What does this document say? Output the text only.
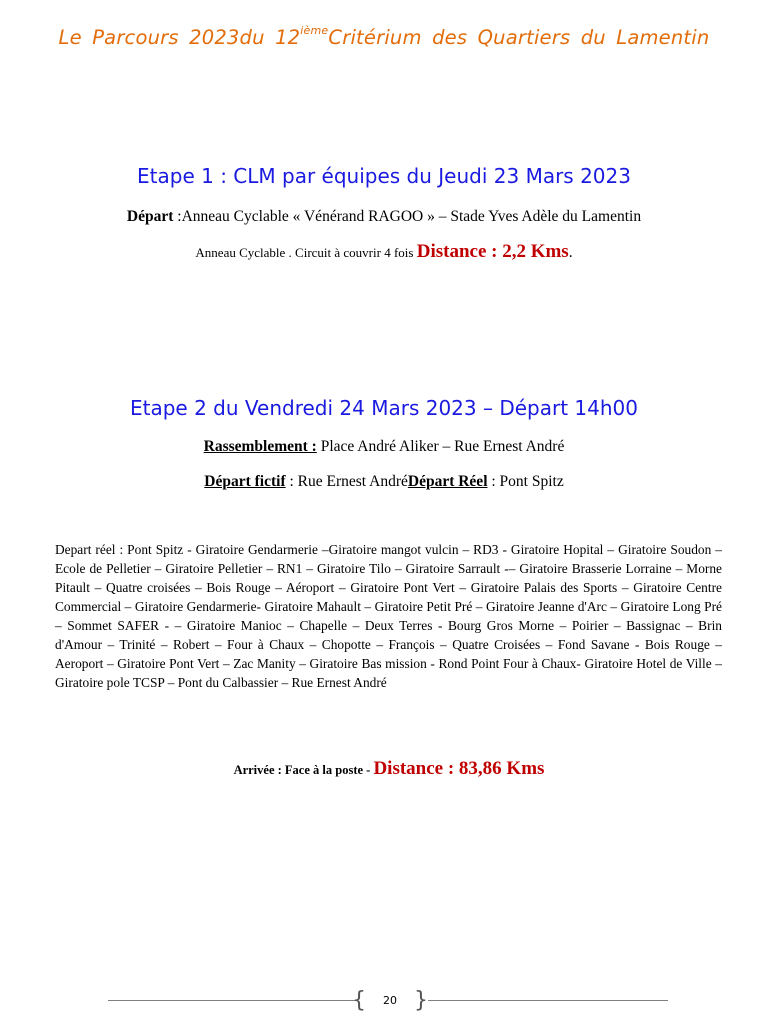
Le Parcours 2023du 12ièmeCritérium des Quartiers du Lamentin
Etape 1 : CLM par équipes du Jeudi 23 Mars 2023
Départ :Anneau Cyclable « Vénérand RAGOO » – Stade Yves Adèle du Lamentin
Anneau Cyclable . Circuit à couvrir 4 fois Distance : 2,2 Kms.
Etape 2 du Vendredi 24 Mars 2023 – Départ 14h00
Rassemblement : Place André Aliker – Rue Ernest André
Départ fictif : Rue Ernest AndréDépart Réel : Pont Spitz
Depart réel : Pont Spitz - Giratoire Gendarmerie –Giratoire mangot vulcin – RD3 - Giratoire Hopital – Giratoire Soudon – Ecole de Pelletier – Giratoire Pelletier – RN1 – Giratoire Tilo – Giratoire Sarrault -– Giratoire Brasserie Lorraine – Morne Pitault – Quatre croisées – Bois Rouge – Aéroport – Giratoire Pont Vert – Giratoire Palais des Sports – Giratoire Centre Commercial – Giratoire Gendarmerie- Giratoire Mahault – Giratoire Petit Pré – Giratoire Jeanne d'Arc – Giratoire Long Pré – Sommet SAFER - – Giratoire Manioc – Chapelle – Deux Terres - Bourg Gros Morne – Poirier – Bassignac – Brin d'Amour – Trinité – Robert – Four à Chaux – Chopotte – François – Quatre Croisées – Fond Savane - Bois Rouge – Aeroport – Giratoire Pont Vert – Zac Manity – Giratoire Bas mission - Rond Point Four à Chaux- Giratoire Hotel de Ville – Giratoire pole TCSP – Pont du Calbassier – Rue Ernest André
Arrivée : Face à la poste - Distance : 83,86 Kms
{ }
20
